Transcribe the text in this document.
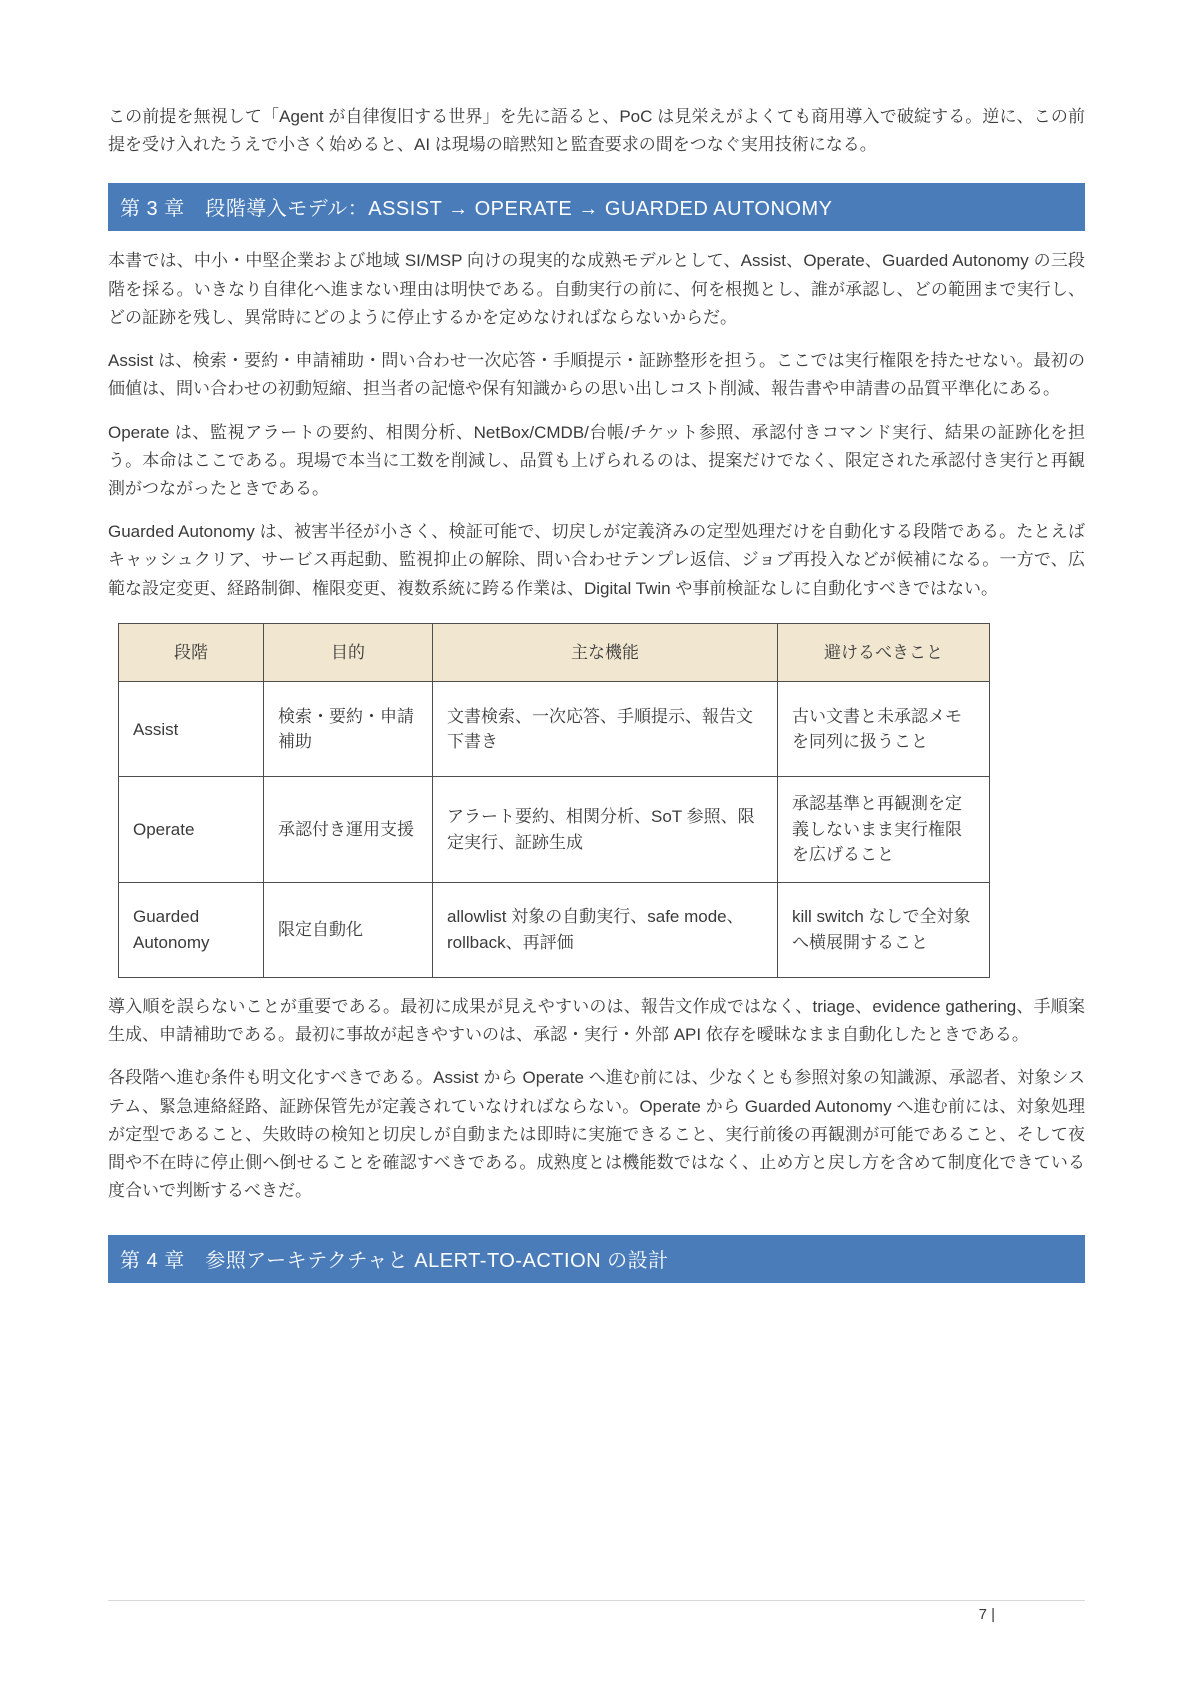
この前提を無視して「Agent が自律復旧する世界」を先に語ると、PoC は見栄えがよくても商用導入で破綻する。逆に、この前提を受け入れたうえで小さく始めると、AI は現場の暗黙知と監査要求の間をつなぐ実用技術になる。

第 3 章　段階導入モデル：ASSIST → OPERATE → GUARDED AUTONOMY

本書では、中小・中堅企業および地域 SI/MSP 向けの現実的な成熟モデルとして、Assist、Operate、Guarded Autonomy の三段階を採る。いきなり自律化へ進まない理由は明快である。自動実行の前に、何を根拠とし、誰が承認し、どの範囲まで実行し、どの証跡を残し、異常時にどのように停止するかを定めなければならないからだ。

Assist は、検索・要約・申請補助・問い合わせ一次応答・手順提示・証跡整形を担う。ここでは実行権限を持たせない。最初の価値は、問い合わせの初動短縮、担当者の記憶や保有知識からの思い出しコスト削減、報告書や申請書の品質平準化にある。

Operate は、監視アラートの要約、相関分析、NetBox/CMDB/台帳/チケット参照、承認付きコマンド実行、結果の証跡化を担う。本命はここである。現場で本当に工数を削減し、品質も上げられるのは、提案だけでなく、限定された承認付き実行と再観測がつながったときである。

Guarded Autonomy は、被害半径が小さく、検証可能で、切戻しが定義済みの定型処理だけを自動化する段階である。たとえばキャッシュクリア、サービス再起動、監視抑止の解除、問い合わせテンプレ返信、ジョブ再投入などが候補になる。一方で、広範な設定変更、経路制御、権限変更、複数系統に跨る作業は、Digital Twin や事前検証なしに自動化すべきではない。

段階	目的	主な機能	避けるべきこと
Assist	検索・要約・申請補助	文書検索、一次応答、手順提示、報告文下書き	古い文書と未承認メモを同列に扱うこと
Operate	承認付き運用支援	アラート要約、相関分析、SoT 参照、限定実行、証跡生成	承認基準と再観測を定義しないまま実行権限を広げること
Guarded Autonomy	限定自動化	allowlist 対象の自動実行、safe mode、rollback、再評価	kill switch なしで全対象へ横展開すること

導入順を誤らないことが重要である。最初に成果が見えやすいのは、報告文作成ではなく、triage、evidence gathering、手順案生成、申請補助である。最初に事故が起きやすいのは、承認・実行・外部 API 依存を曖昧なまま自動化したときである。

各段階へ進む条件も明文化すべきである。Assist から Operate へ進む前には、少なくとも参照対象の知識源、承認者、対象システム、緊急連絡経路、証跡保管先が定義されていなければならない。Operate から Guarded Autonomy へ進む前には、対象処理が定型であること、失敗時の検知と切戻しが自動または即時に実施できること、実行前後の再観測が可能であること、そして夜間や不在時に停止側へ倒せることを確認すべきである。成熟度とは機能数ではなく、止め方と戻し方を含めて制度化できている度合いで判断するべきだ。

第 4 章　参照アーキテクチャと ALERT-TO-ACTION の設計
7 |
